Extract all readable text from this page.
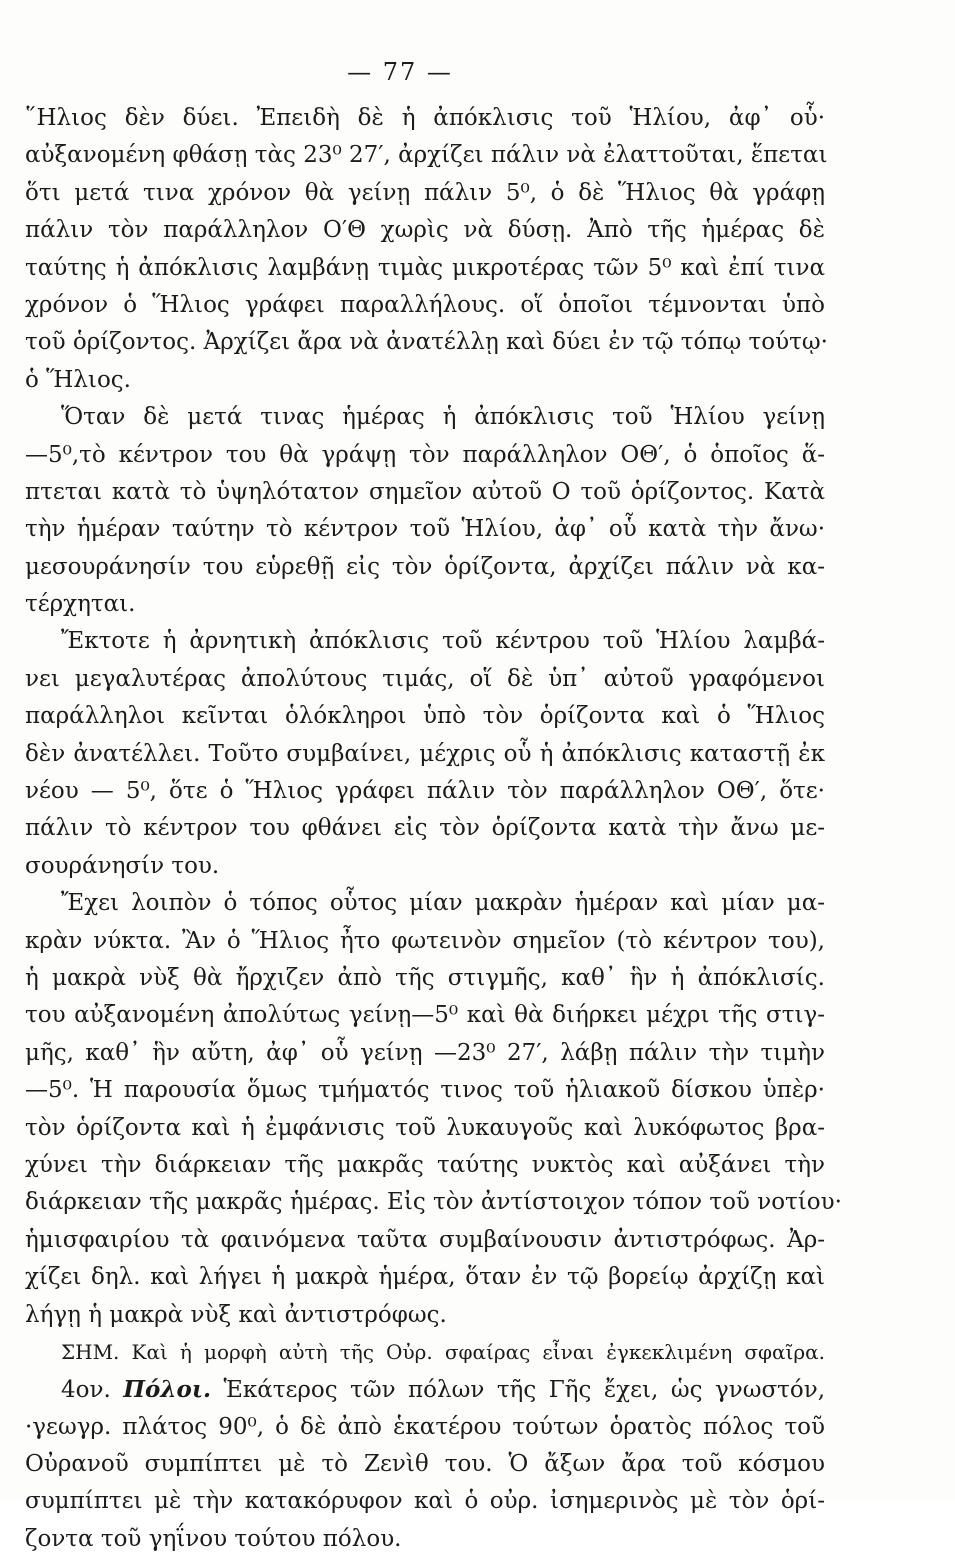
— 77 —
῞Ηλιος δὲν δύει. Ἐπειδὴ δὲ ἡ ἀπόκλισις τοῦ Ἡλίου, ἀφ᾽ οὗ·
αὐξανομένη φθάσῃ τὰς 23⁰ 27′, ἀρχίζει πάλιν νὰ ἐλαττοῦται, ἕπεται
ὅτι μετά τινα χρόνον θὰ γείνῃ πάλιν 5⁰, ὁ δὲ Ἥλιος θὰ γράφῃ
πάλιν τὸν παράλληλον Ο′Θ χωρὶς νὰ δύσῃ. Ἀπὸ τῆς ἡμέρας δὲ
ταύτης ἡ ἀπόκλισις λαμβάνῃ τιμὰς μικροτέρας τῶν 5⁰ καὶ ἐπί τινα
χρόνον ὁ Ἥλιος γράφει παραλλήλους. οἵ ὁποῖοι τέμνονται ὑπὸ
τοῦ ὁρίζοντος. Ἀρχίζει ἄρα νὰ ἀνατέλλῃ καὶ δύει ἐν τῷ τόπῳ τούτῳ·
ὁ Ἥλιος.
Ὅταν δὲ μετά τινας ἡμέρας ἡ ἀπόκλισις τοῦ Ἡλίου γείνῃ
—5⁰,τὸ κέντρον του θὰ γράψῃ τὸν παράλληλον ΟΘ′, ὁ ὁποῖος ἅ-
πτεται κατὰ τὸ ὑψηλότατον σημεῖον αὐτοῦ Ο τοῦ ὁρίζοντος. Κατὰ
τὴν ἡμέραν ταύτην τὸ κέντρον τοῦ Ἡλίου, ἀφ᾽ οὗ κατὰ τὴν ἄνω·
μεσουράνησίν του εὑρεθῇ εἰς τὸν ὁρίζοντα, ἀρχίζει πάλιν νὰ κα-
τέρχηται.
Ἔκτοτε ἡ ἀρνητικὴ ἀπόκλισις τοῦ κέντρου τοῦ Ἡλίου λαμβά-
νει μεγαλυτέρας ἀπολύτους τιμάς, οἵ δὲ ὑπ᾽ αὐτοῦ γραφόμενοι
παράλληλοι κεῖνται ὁλόκληροι ὑπὸ τὸν ὁρίζοντα καὶ ὁ Ἥλιος
δὲν ἀνατέλλει. Τοῦτο συμβαίνει, μέχρις οὗ ἡ ἀπόκλισις καταστῇ ἐκ
νέου — 5⁰, ὅτε ὁ Ἥλιος γράφει πάλιν τὸν παράλληλον ΟΘ′, ὅτε·
πάλιν τὸ κέντρον του φθάνει εἰς τὸν ὁρίζοντα κατὰ τὴν ἄνω με-
σουράνησίν του.
Ἔχει λοιπὸν ὁ τόπος οὗτος μίαν μακρὰν ἡμέραν καὶ μίαν μα-
κρὰν νύκτα. Ἂν ὁ Ἥλιος ἦτο φωτεινὸν σημεῖον (τὸ κέντρον του),
ἡ μακρὰ νὺξ θὰ ἤρχιζεν ἀπὸ τῆς στιγμῆς, καθ᾽ ἣν ἡ ἀπόκλισίς.
του αὐξανομένη ἀπολύτως γείνῃ—5⁰ καὶ θὰ διήρκει μέχρι τῆς στιγ-
μῆς, καθ᾽ ἣν αὔτη, ἀφ᾽ οὗ γείνῃ —23⁰ 27′, λάβῃ πάλιν τὴν τιμὴν
—5⁰. Ἡ παρουσία ὅμως τμήματός τινος τοῦ ἡλιακοῦ δίσκου ὑπὲρ·
τὸν ὁρίζοντα καὶ ἡ ἐμφάνισις τοῦ λυκαυγοῦς καὶ λυκόφωτος βρα-
χύνει τὴν διάρκειαν τῆς μακρᾶς ταύτης νυκτὸς καὶ αὐξάνει τὴν
διάρκειαν τῆς μακρᾶς ἡμέρας. Εἰς τὸν ἀντίστοιχον τόπον τοῦ νοτίου·
ἡμισφαιρίου τὰ φαινόμενα ταῦτα συμβαίνουσιν ἀντιστρόφως. Ἀρ-
χίζει δηλ. καὶ λήγει ἡ μακρὰ ἡμέρα, ὅταν ἐν τῷ βορείῳ ἀρχίζῃ καὶ
λήγῃ ἡ μακρὰ νὺξ καὶ ἀντιστρόφως.
ΣΗΜ. Καὶ ἡ μορφὴ αὐτὴ τῆς Οὐρ. σφαίρας εἶναι ἐγκεκλιμένη σφαῖρα.
4ον. Πόλοι. Ἑκάτερος τῶν πόλων τῆς Γῆς ἔχει, ὡς γνωστόν,
·γεωγρ. πλάτος 90⁰, ὁ δὲ ἀπὸ ἑκατέρου τούτων ὁρατὸς πόλος τοῦ
Οὐρανοῦ συμπίπτει μὲ τὸ Ζενὶθ του. Ὁ ἄξων ἄρα τοῦ κόσμου
συμπίπτει μὲ τὴν κατακόρυφον καὶ ὁ οὐρ. ἰσημερινὸς μὲ τὸν ὁρί-
ζοντα τοῦ γηΐνου τούτου πόλου.
